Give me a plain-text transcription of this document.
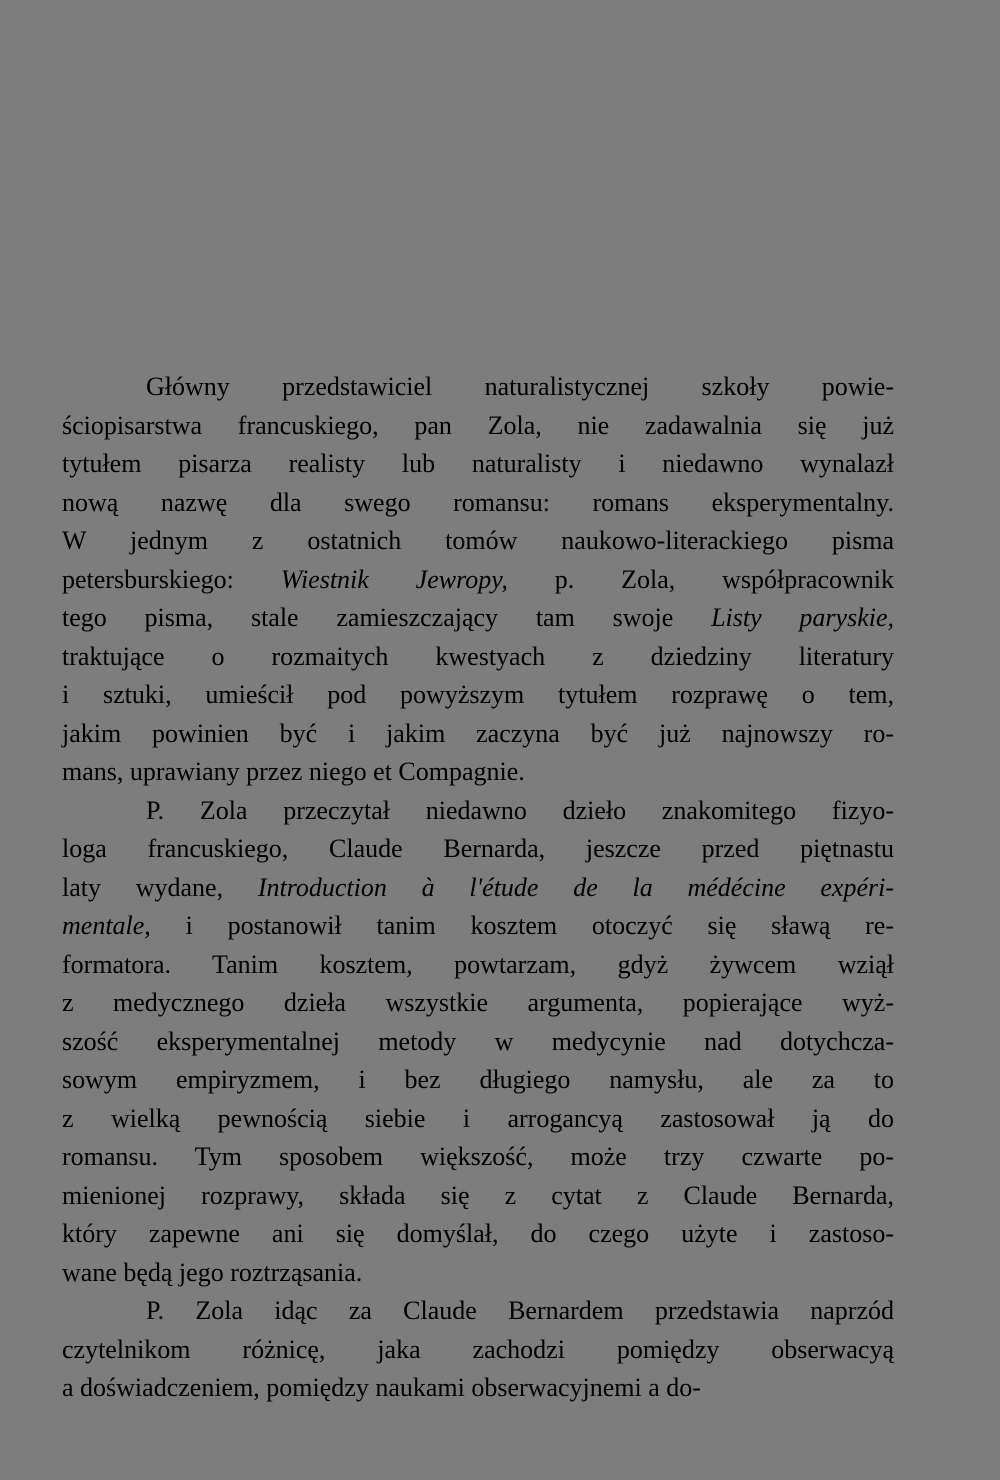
Główny przedstawiciel naturalistycznej szkoły powie-
ściopisarstwa francuskiego, pan Zola, nie zadawalnia się już
tytułem pisarza realisty lub naturalisty i niedawno wynalazł
nową nazwę dla swego romansu: romans eksperymentalny.
W jednym z ostatnich tomów naukowo-literackiego pisma
petersburskiego: Wiestnik Jewropy, p. Zola, współpracownik
tego pisma, stale zamieszczający tam swoje Listy paryskie,
traktujące o rozmaitych kwestyach z dziedziny literatury
i sztuki, umieścił pod powyższym tytułem rozprawę o tem,
jakim powinien być i jakim zaczyna być już najnowszy ro-
mans, uprawiany przez niego et Compagnie.
P. Zola przeczytał niedawno dzieło znakomitego fizyo-
loga francuskiego, Claude Bernarda, jeszcze przed piętnastu
laty wydane, Introduction à l'étude de la médécine expéri-
mentale, i postanowił tanim kosztem otoczyć się sławą re-
formatora. Tanim kosztem, powtarzam, gdyż żywcem wziął
z medycznego dzieła wszystkie argumenta, popierające wyż-
szość eksperymentalnej metody w medycynie nad dotychcza-
sowym empiryzmem, i bez długiego namysłu, ale za to
z wielką pewnością siebie i arrogancyą zastosował ją do
romansu. Tym sposobem większość, może trzy czwarte po-
mienionej rozprawy, składa się z cytat z Claude Bernarda,
który zapewne ani się domyślał, do czego użyte i zastoso-
wane będą jego roztrząsania.
P. Zola idąc za Claude Bernardem przedstawia naprzód
czytelnikom różnicę, jaka zachodzi pomiędzy obserwacyą
a doświadczeniem, pomiędzy naukami obserwacyjnemi a do-
